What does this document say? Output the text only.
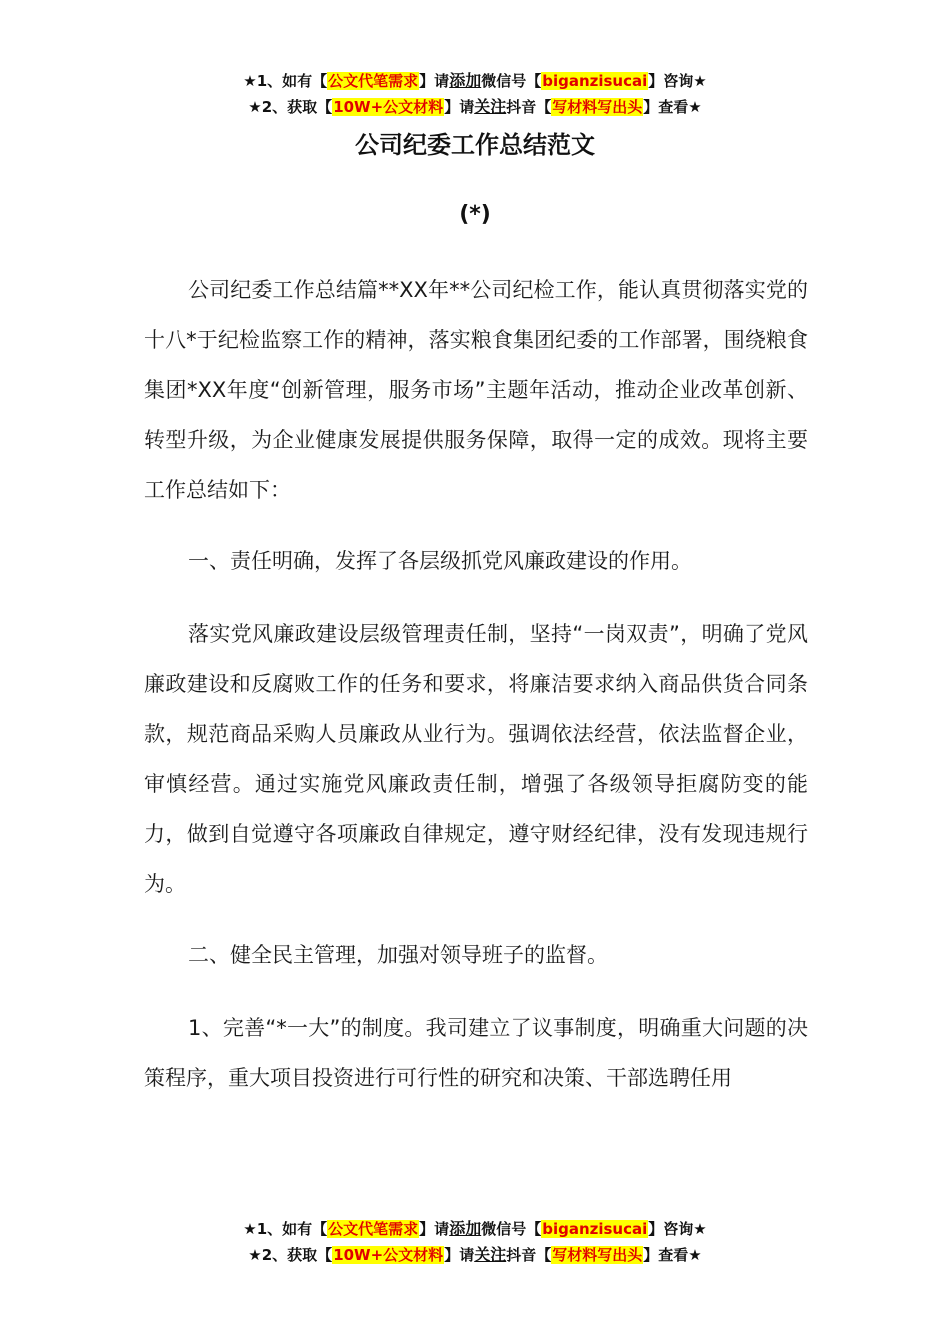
★1、如有【公文代笔需求】请添加微信号【biganzisucai】咨询★
★2、获取【10W+公文材料】请关注抖音【写材料写出头】查看★
公司纪委工作总结范文
(*)

公司纪委工作总结篇**XX年**公司纪检工作，能认真贯彻落实党的十八*于纪检监察工作的精神，落实粮食集团纪委的工作部署，围绕粮食集团*XX年度“创新管理，服务市场”主题年活动，推动企业改革创新、转型升级，为企业健康发展提供服务保障，取得一定的成效。现将主要工作总结如下：

一、责任明确，发挥了各层级抓党风廉政建设的作用。

落实党风廉政建设层级管理责任制，坚持“一岗双责”，明确了党风廉政建设和反腐败工作的任务和要求，将廉洁要求纳入商品供货合同条款，规范商品采购人员廉政从业行为。强调依法经营，依法监督企业，审慎经营。通过实施党风廉政责任制，增强了各级领导拒腐防变的能力，做到自觉遵守各项廉政自律规定，遵守财经纪律，没有发现违规行为。

二、健全民主管理，加强对领导班子的监督。

1、完善“*一大”的制度。我司建立了议事制度，明确重大问题的决策程序，重大项目投资进行可行性的研究和决策、干部选聘任用

★1、如有【公文代笔需求】请添加微信号【biganzisucai】咨询★
★2、获取【10W+公文材料】请关注抖音【写材料写出头】查看★
